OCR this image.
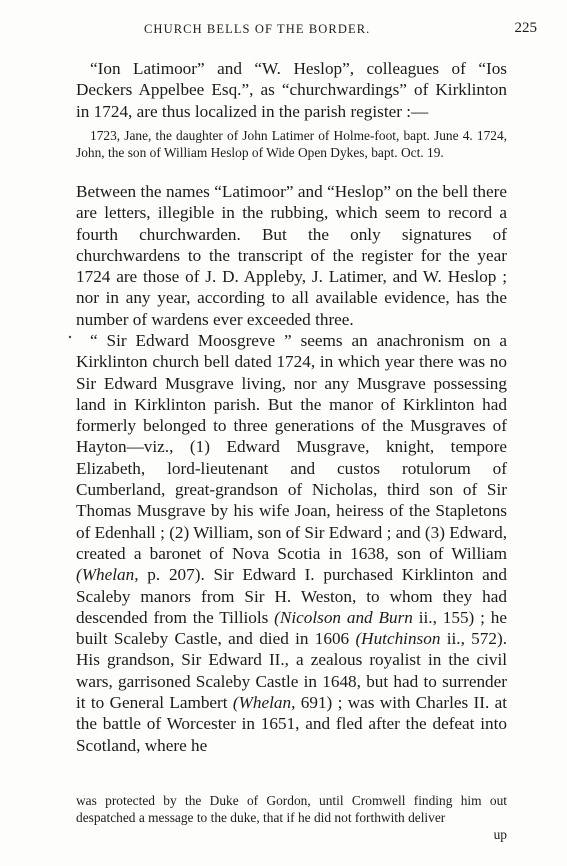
CHURCH BELLS OF THE BORDER.	225

“Ion Latimoor” and “W. Heslop”, colleagues of “Ios Deckers Appelbee Esq.”, as “churchwardings” of Kirklinton in 1724, are thus localized in the parish register :—

1723, Jane, the daughter of John Latimer of Holme-foot, bapt. June 4. 1724, John, the son of William Heslop of Wide Open Dykes, bapt. Oct. 19.

Between the names “Latimoor” and “Heslop” on the bell there are letters, illegible in the rubbing, which seem to record a fourth churchwarden. But the only signatures of churchwardens to the transcript of the register for the year 1724 are those of J. D. Appleby, J. Latimer, and W. Heslop ; nor in any year, according to all available evidence, has the number of wardens ever exceeded three.

“ Sir Edward Moosgreve ” seems an anachronism on a Kirklinton church bell dated 1724, in which year there was no Sir Edward Musgrave living, nor any Musgrave possessing land in Kirklinton parish. But the manor of Kirklinton had formerly belonged to three generations of the Musgraves of Hayton—viz., (1) Edward Musgrave, knight, tempore Elizabeth, lord-lieutenant and custos rotulorum of Cumberland, great-grandson of Nicholas, third son of Sir Thomas Musgrave by his wife Joan, heiress of the Stapletons of Edenhall ; (2) William, son of Sir Edward ; and (3) Edward, created a baronet of Nova Scotia in 1638, son of William (Whelan, p. 207). Sir Edward I. purchased Kirklinton and Scaleby manors from Sir H. Weston, to whom they had descended from the Tilliols (Nicolson and Burn ii., 155) ; he built Scaleby Castle, and died in 1606 (Hutchinson ii., 572). His grandson, Sir Edward II., a zealous royalist in the civil wars, garrisoned Scaleby Castle in 1648, but had to surrender it to General Lambert (Whelan, 691) ; was with Charles II. at the battle of Worcester in 1651, and fled after the defeat into Scotland, where he

was protected by the Duke of Gordon, until Cromwell finding him out despatched a message to the duke, that if he did not forthwith deliver

up
